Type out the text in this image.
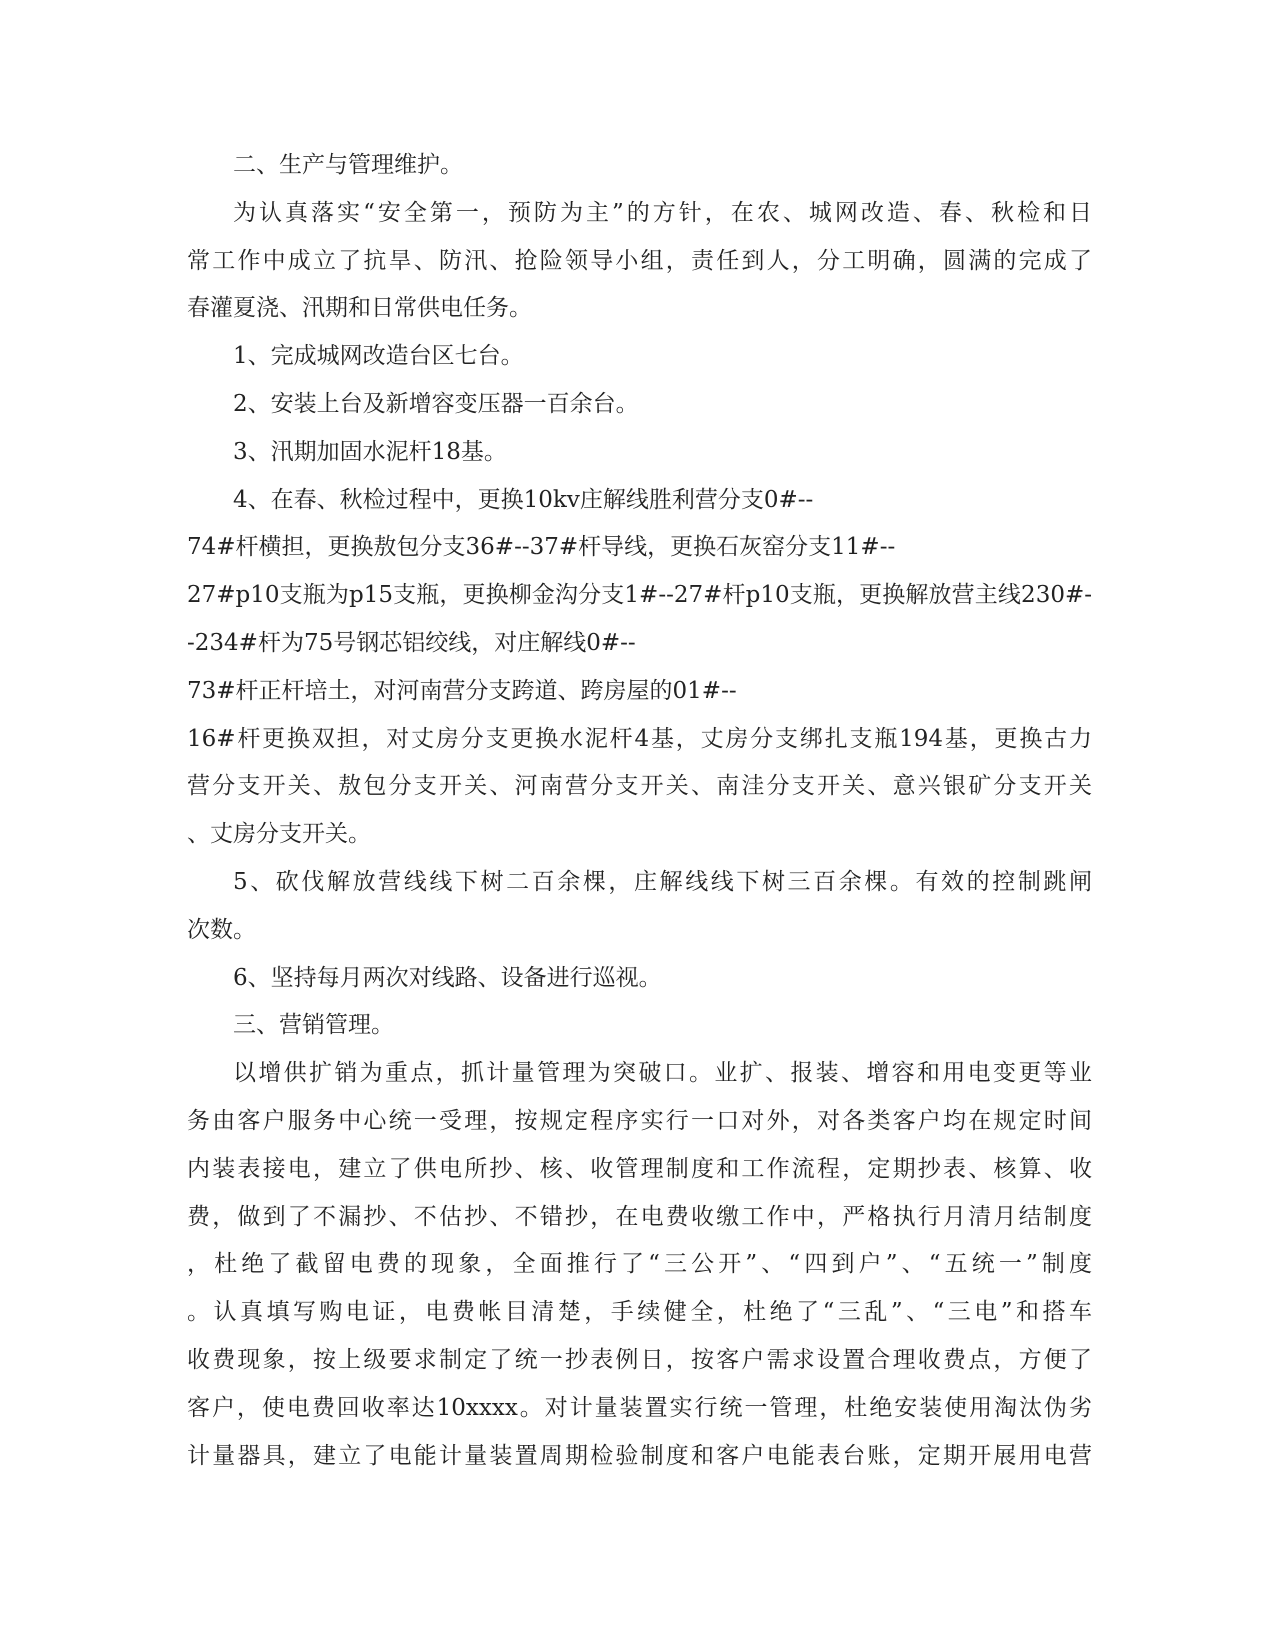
二、生产与管理维护。
为认真落实“安全第一，预防为主”的方针，在农、城网改造、春、秋检和日
常工作中成立了抗旱、防汛、抢险领导小组，责任到人，分工明确，圆满的完成了
春灌夏浇、汛期和日常供电任务。
1、完成城网改造台区七台。
2、安装上台及新增容变压器一百余台。
3、汛期加固水泥杆18基。
4、在春、秋检过程中，更换10kv庄解线胜利营分支0#--
74#杆横担，更换敖包分支36#--37#杆导线，更换石灰窑分支11#--
27#p10支瓶为p15支瓶，更换柳金沟分支1#--27#杆p10支瓶，更换解放营主线230#-
-234#杆为75号钢芯铝绞线，对庄解线0#--
73#杆正杆培土，对河南营分支跨道、跨房屋的01#--
16#杆更换双担，对丈房分支更换水泥杆4基，丈房分支绑扎支瓶194基，更换古力
营分支开关、敖包分支开关、河南营分支开关、南洼分支开关、意兴银矿分支开关
、丈房分支开关。
5、砍伐解放营线线下树二百余棵，庄解线线下树三百余棵。有效的控制跳闸
次数。
6、坚持每月两次对线路、设备进行巡视。
三、营销管理。
以增供扩销为重点，抓计量管理为突破口。业扩、报装、增容和用电变更等业
务由客户服务中心统一受理，按规定程序实行一口对外，对各类客户均在规定时间
内装表接电，建立了供电所抄、核、收管理制度和工作流程，定期抄表、核算、收
费，做到了不漏抄、不估抄、不错抄，在电费收缴工作中，严格执行月清月结制度
，杜绝了截留电费的现象，全面推行了“三公开”、“四到户”、“五统一”制度
。认真填写购电证，电费帐目清楚，手续健全，杜绝了“三乱”、“三电”和搭车
收费现象，按上级要求制定了统一抄表例日，按客户需求设置合理收费点，方便了
客户，使电费回收率达10xxxx。对计量装置实行统一管理，杜绝安装使用淘汰伪劣
计量器具，建立了电能计量装置周期检验制度和客户电能表台账，定期开展用电营
